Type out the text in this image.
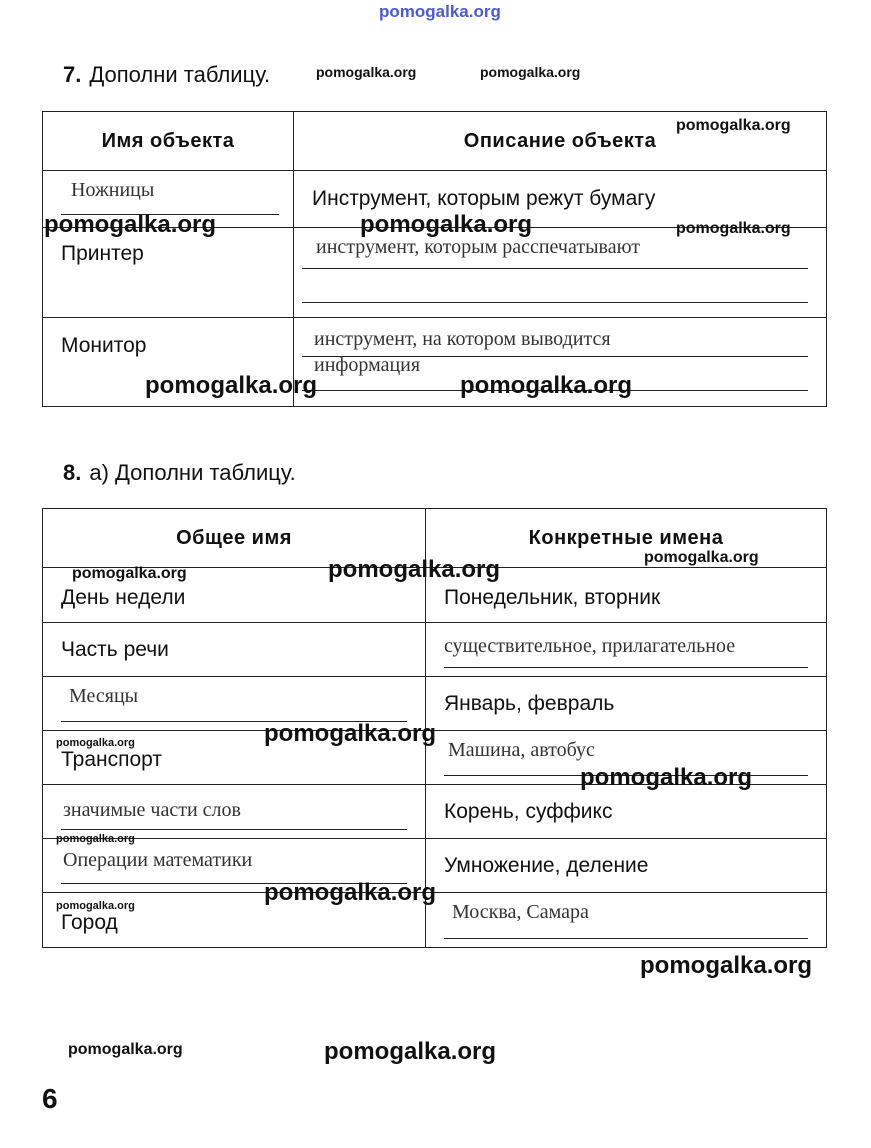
pomogalka.org
7. Дополни таблицу.
Имя объекта	Описание объекта

Ножницы	Инструмент, которым режут бумагу
Принтер	инструмент, которым расспечатывают

Монитор	инструмент, на котором выводится информация
8. а) Дополни таблицу.
Общее имя	Конкретные имена
День недели	Понедельник, вторник
Часть речи	существительное, прилагательное

Месяцы	Январь, февраль
Транспорт	Машина, автобус

значимые части слов	Корень, суффикс

Операции математики	Умножение, деление
Город	Москва, Самара
pomogalka.org	pomogalka.org
pomogalka.org
pomogalka.org	pomogalka.org	pomogalka.org
pomogalka.org	pomogalka.org
pomogalka.org
pomogalka.org
pomogalka.org
pomogalka.org
pomogalka.org
pomogalka.org
pomogalka.org
pomogalka.org
pomogalka.org
pomogalka.org
pomogalka.org	pomogalka.org
6
